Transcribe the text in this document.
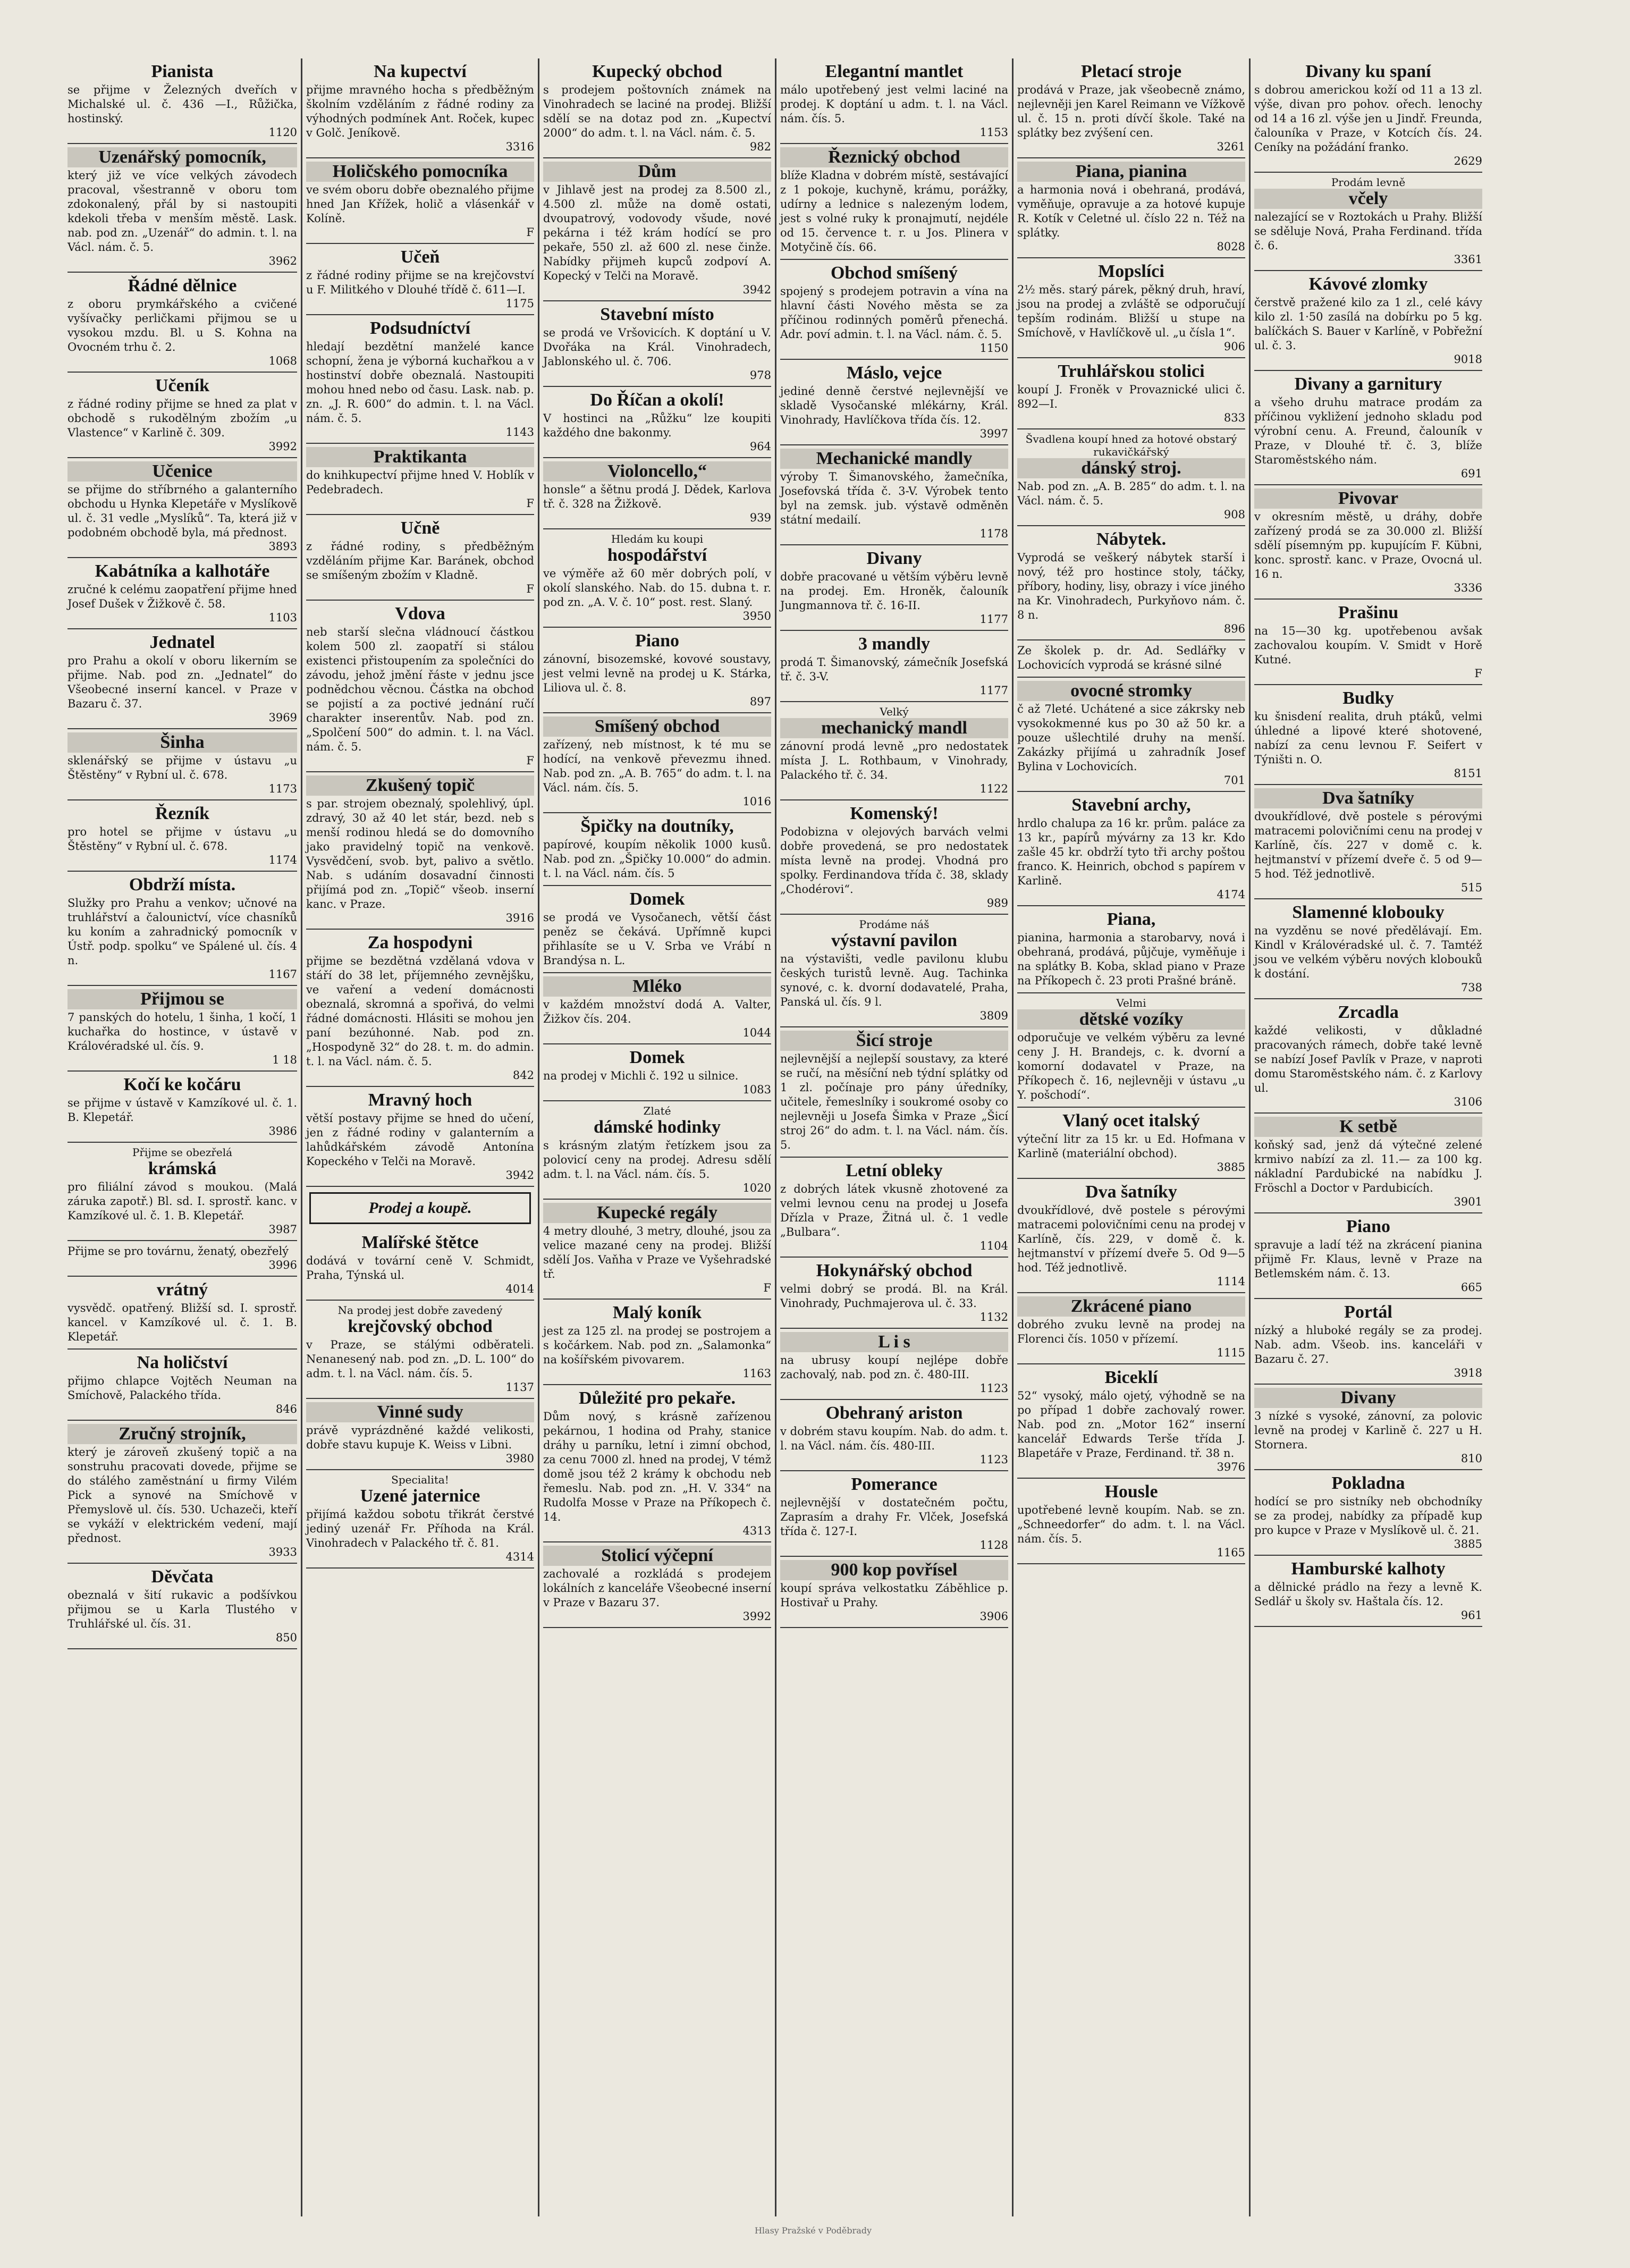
Pianista

se přijme v Železných dveřích v Michalské ul. č. 436 —I., Růžička, hostinský.

1120
Uzenářský pomocník,

který již ve více velkých závodech pracoval, všestranně v oboru tom zdokonalený, přál by si nastoupiti kdekoli třeba v menším městě. Lask. nab. pod zn. „Uzenář“ do admin. t. l. na Václ. nám. č. 5.

3962
Řádné dělnice

z oboru prymkářského a cvičené vyšívačky perličkami přijmou se u vysokou mzdu. Bl. u S. Kohna na Ovocném trhu č. 2.

1068
Učeník

z řádné rodiny přijme se hned za plat v obchodě s rukodělným zbožím „u Vlastence“ v Karlině č. 309.

3992
Učenice

se přijme do stříbrného a galanterního obchodu u Hynka Klepetáře v Myslíkově ul. č. 31 vedle „Myslíků“. Ta, která již v podobném obchodě byla, má přednost.

3893
Kabátníka a kalhotáře

zručné k celému zaopatření přijme hned Josef Dušek v Žižkově č. 58.

1103
Jednatel

pro Prahu a okolí v oboru likerním se přijme. Nab. pod zn. „Jednatel“ do Všeobecné inserní kancel. v Praze v Bazaru č. 37.

3969
Šinha

sklenářský se přijme v ústavu „u Štěstěny“ v Rybní ul. č. 678.

1173
Řezník

pro hotel se přijme v ústavu „u Štěstěny“ v Rybní ul. č. 678.

1174
Obdrží místa.

Služky pro Prahu a venkov; učnové na truhlářství a čalounictví, více chasníků ku koním a zahradnický pomocník v Ústř. podp. spolku“ ve Spálené ul. čís. 4 n.

1167
Přijmou se

7 panských do hotelu, 1 šinha, 1 kočí, 1 kuchařka do hostince, v ústavě v Královéradské ul. čís. 9.

1 18
Kočí ke kočáru

se přijme v ústavě v Kamzíkové ul. č. 1. B. Klepetář.

3986
Přijme se obezřelá
krámská

pro filiální závod s moukou. (Malá záruka zapotř.) Bl. sd. I. sprostř. kanc. v Kamzíkové ul. č. 1. B. Klepetář.

3987

Přijme se pro továrnu, ženatý, obezřelý

3996
vrátný

vysvědč. opatřený. Bližší sd. I. sprostř. kancel. v Kamzíkové ul. č. 1. B. Klepetář.

Na holičství

přijmo chlapce Vojtěch Neuman na Smíchově, Palackého třída.

846
Zručný strojník,

který je zároveň zkušený topič a na sonstruhu pracovati dovede, přijme se do stálého zaměstnání u firmy Vilém Pick a synové na Smíchově v Přemyslově ul. čís. 530. Uchazeči, kteří se vykáží v elektrickém vedení, mají přednost.

3933
Děvčata

obeznalá v šití rukavic a podšívkou přijmou se u Karla Tlustého v Truhlářské ul. čís. 31.

850
Na kupectví

přijme mravného hocha s předběžným školním vzděláním z řádné rodiny za výhodných podmínek Ant. Roček, kupec v Golč. Jeníkově.

3316
Holičského pomocníka

ve svém oboru dobře obeznalého přijme hned Jan Křížek, holič a vlásenkář v Kolíně.

F
Učeň

z řádné rodiny přijme se na krejčovství u F. Militkého v Dlouhé třídě č. 611—I.

1175
Podsudníctví

hledají bezdětní manželé kance schopní, žena je výborná kuchařkou a v hostinství dobře obeznalá. Nastoupiti mohou hned nebo od času. Lask. nab. p. zn. „J. R. 600“ do admin. t. l. na Václ. nám. č. 5.

1143
Praktikanta

do knihkupectví přijme hned V. Hoblík v Pedebradech.

F
Učně

z řádné rodiny, s předběžným vzděláním přijme Kar. Baránek, obchod se smíšeným zbožím v Kladně.

F
Vdova

neb starší slečna vládnoucí částkou kolem 500 zl. zaopatří si stálou existenci přistoupením za společníci do závodu, jehož jmění řáste v jednu jsce podnědchou věcnou. Částka na obchod se pojistí a za poctivé jednání ručí charakter inserentův. Nab. pod zn. „Spolčení 500“ do admin. t. l. na Václ. nám. č. 5.

F
Zkušený topič

s par. strojem obeznalý, spolehlivý, úpl. zdravý, 30 až 40 let stár, bezd. neb s menší rodinou hledá se do domovního jako pravidelný topič na venkově. Vysvědčení, svob. byt, palivo a světlo. Nab. s udáním dosavadní činnosti přijímá pod zn. „Topič“ všeob. inserní kanc. v Praze.

3916
Za hospodyni

přijme se bezdětná vzdělaná vdova v stáří do 38 let, příjemného zevnějšku, ve vaření a vedení domácnosti obeznalá, skromná a spořivá, do velmi řádné domácnosti. Hlásiti se mohou jen paní bezúhonné. Nab. pod zn. „Hospodyně 32“ do 28. t. m. do admin. t. l. na Václ. nám. č. 5.

842
Mravný hoch

větší postavy přijme se hned do učení, jen z řádné rodiny v galanterním a lahůdkářském závodě Antonína Kopeckého v Telči na Moravě.

3942
Prodej a koupě.
Malířské štětce

dodává v tovární ceně V. Schmidt, Praha, Týnská ul.

4014
Na prodej jest dobře zavedený
krejčovský obchod

v Praze, se stálými odběrateli. Nenanesený nab. pod zn. „D. L. 100“ do adm. t. l. na Václ. nám. čís. 5.

1137
Vinné sudy

právě vyprázdněné každé velikosti, dobře stavu kupuje K. Weiss v Libni.

3980
Specialita!
Uzené jaternice

přijímá každou sobotu třikrát čerstvé jediný uzenář Fr. Příhoda na Král. Vinohradech v Palackého tř. č. 81.

4314
Kupecký obchod

s prodejem poštovních známek na Vinohradech se laciné na prodej. Bližší sdělí se na dotaz pod zn. „Kupectví 2000“ do adm. t. l. na Václ. nám. č. 5.

982
Dům

v Jihlavě jest na prodej za 8.500 zl., 4.500 zl. může na domě ostati, dvoupatrový, vodovody všude, nové pekárna i též krám hodící se pro pekaře, 550 zl. až 600 zl. nese činže. Nabídky přijmeh kupců zodpoví A. Kopecký v Telči na Moravě.

3942
Stavební místo

se prodá ve Vršovicích. K doptání u V. Dvořáka na Král. Vinohradech, Jablonského ul. č. 706.

978
Do Říčan a okolí!

V hostinci na „Růžku“ lze koupiti každého dne bakonmy.

964
Violoncello,“

honsle“ a šětnu prodá J. Dědek, Karlova tř. č. 328 na Žižkově.

939
Hledám ku koupi
hospodářství

ve výměře až 60 měr dobrých polí, v okolí slanského. Nab. do 15. dubna t. r. pod zn. „A. V. č. 10“ post. rest. Slaný.

3950
Piano

zánovní, bisozemské, kovové soustavy, jest velmi levně na prodej u K. Stárka, Liliova ul. č. 8.

897
Smíšený obchod

zařízený, neb místnost, k té mu se hodící, na venkově převezmu ihned. Nab. pod zn. „A. B. 765“ do adm. t. l. na Václ. nám. čís. 5.

1016
Špičky na doutníky,

papírové, koupím několik 1000 kusů. Nab. pod zn. „Špičky 10.000“ do admin. t. l. na Václ. nám. čís. 5

Domek

se prodá ve Vysočanech, větší část peněz se čekává. Upřímně kupci přihlasíte se u V. Srba ve Vrábí n Brandýsa n. L.

Mléko

v každém množství dodá A. Valter, Žižkov čís. 204.

1044
Domek

na prodej v Michli č. 192 u silnice.

1083
Zlaté
dámské hodinky

s krásným zlatým řetízkem jsou za polovicí ceny na prodej. Adresu sdělí adm. t. l. na Václ. nám. čís. 5.

1020
Kupecké regály

4 metry dlouhé, 3 metry, dlouhé, jsou za velice mazané ceny na prodej. Bližší sdělí Jos. Vaňha v Praze ve Vyšehradské tř.

F
Malý koník

jest za 125 zl. na prodej se postrojem a s kočárkem. Nab. pod zn. „Salamonka“ na košířském pivovarem.

1163
Důležité pro pekaře.

Dům nový, s krásně zařízenou pekárnou, 1 hodina od Prahy, stanice dráhy u parníku, letní i zimní obchod, za cenu 7000 zl. hned na prodej, V témž domě jsou též 2 krámy k obchodu neb řemeslu. Nab. pod zn. „H. V. 334“ na Rudolfa Mosse v Praze na Příkopech č. 14.

4313
Stolicí výčepní

zachovalé a rozkládá s prodejem lokálních z kanceláře Všeobecné inserní v Praze v Bazaru 37.

3992
Elegantní mantlet

málo upotřebený jest velmi laciné na prodej. K doptání u adm. t. l. na Václ. nám. čís. 5.

1153
Řeznický obchod

blíže Kladna v dobrém místě, sestávající z 1 pokoje, kuchyně, krámu, porážky, udírny a lednice s nalezeným lodem, jest s volné ruky k pronajmutí, nejdéle od 15. července t. r. u Jos. Plinera v Motyčině čís. 66.

Obchod smíšený

spojený s prodejem potravin a vína na hlavní části Nového města se za příčinou rodinných poměrů přenechá. Adr. poví admin. t. l. na Václ. nám. č. 5.

1150
Máslo, vejce

jediné denně čerstvé nejlevnější ve skladě Vysočanské mlékárny, Král. Vinohrady, Havlíčkova třída čís. 12.

3997
Mechanické mandly

výroby T. Šimanovského, žamečníka, Josefovská třída č. 3-V. Výrobek tento byl na zemsk. jub. výstavě odměněn státní medailí.

1178
Divany

dobře pracované u větším výběru levně na prodej. Em. Hroněk, čalouník Jungmannova tř. č. 16-II.

1177
3 mandly

prodá T. Šimanovský, zámečník Josefská tř. č. 3-V.

1177
Velký
mechanický mandl

zánovní prodá levně „pro nedostatek místa J. L. Rothbaum, v Vinohrady, Palackého tř. č. 34.

1122
Komenský!

Podobizna v olejových barvách velmi dobře provedená, se pro nedostatek místa levně na prodej. Vhodná pro spolky. Ferdinandova třída č. 38, sklady „Chodérovi“.

989
Prodáme náš
výstavní pavilon

na výstavišti, vedle pavilonu klubu českých turistů levně. Aug. Tachinka synové, c. k. dvorní dodavatelé, Praha, Panská ul. čís. 9 l.

3809
Šicí stroje

nejlevnější a nejlepší soustavy, za které se ručí, na měsíční neb týdní splátky od 1 zl. počínaje pro pány úředníky, učitele, řemeslníky i soukromé osoby co nejlevněji u Josefa Šimka v Praze „Šicí stroj 26“ do adm. t. l. na Václ. nám. čís. 5.

Letní obleky

z dobrých látek vkusně zhotovené za velmi levnou cenu na prodej u Josefa Dřízla v Praze, Žitná ul. č. 1 vedle „Bulbara“.

1104
Hokynářský obchod

velmi dobrý se prodá. Bl. na Král. Vinohrady, Puchmajerova ul. č. 33.

1132
L i s

na ubrusy koupí nejlépe dobře zachovalý, nab. pod zn. č. 480-III.

1123
Obehraný ariston

v dobrém stavu koupím. Nab. do adm. t. l. na Václ. nám. čís. 480-III.

1123
Pomerance

nejlevnější v dostatečném počtu, Zaprasím a drahy Fr. Vlček, Josefská třída č. 127-I.

1128
900 kop povřísel

koupí správa velkostatku Záběhlice p. Hostivař u Prahy.

3906
Pletací stroje

prodává v Praze, jak všeobecně známo, nejlevněji jen Karel Reimann ve Vížkově ul. č. 15 n. proti dívčí škole. Také na splátky bez zvýšení cen.

3261
Piana, pianina

a harmonia nová i obehraná, prodává, vyměňuje, opravuje a za hotové kupuje R. Kotík v Celetné ul. číslo 22 n. Též na splátky.

8028
Mopslíci

2½ měs. starý párek, pěkný druh, hraví, jsou na prodej a zvláště se odporučují tepším rodinám. Bližší u stupe na Smíchově, v Havlíčkově ul. „u čísla 1“.

906
Truhlářskou stolici

koupí J. Froněk v Provaznické ulici č. 892—I.

833
Švadlena koupí hned za hotové obstarý rukavičkářský
dánský stroj.

Nab. pod zn. „A. B. 285“ do adm. t. l. na Václ. nám. č. 5.

908
Nábytek.

Vyprodá se veškerý nábytek starší i nový, též pro hostince stoly, táčky, příbory, hodiny, lisy, obrazy i více jiného na Kr. Vinohradech, Purkyňovo nám. č. 8 n.

896

Ze školek p. dr. Ad. Sedlářky v Lochovicích vyprodá se krásné silné

ovocné stromky

č až 7leté. Uchátené a sice zákrsky neb vysokokmenné kus po 30 až 50 kr. a pouze ušlechtilé druhy na menší. Zakázky přijímá u zahradník Josef Bylina v Lochovicích.

701
Stavební archy,

hrdlo chalupa za 16 kr. prům. paláce za 13 kr., papírů mývárny za 13 kr. Kdo zašle 45 kr. obdrží tyto tři archy poštou franco. K. Heinrich, obchod s papírem v Karlině.

4174
Piana,

pianina, harmonia a starobarvy, nová i obehraná, prodává, půjčuje, vyměňuje i na splátky B. Koba, sklad piano v Praze na Příkopech č. 23 proti Prašné bráně.

Velmi
dětské vozíky

odporučuje ve velkém výběru za levné ceny J. H. Brandejs, c. k. dvorní a komorní dodavatel v Praze, na Příkopech č. 16, nejlevněji v ústavu „u Y. pošchodí“.

Vlaný ocet italský

výteční litr za 15 kr. u Ed. Hofmana v Karlině (materiální obchod).

3885
Dva šatníky

dvoukřídlové, dvě postele s pérovými matracemi polovičními cenu na prodej v Karlíně, čís. 229, v domě č. k. hejtmanství v přízemí dveře 5. Od 9—5 hod. Též jednotlivě.

1114
Zkrácené piano

dobrého zvuku levně na prodej na Florenci čís. 1050 v přízemí.

1115
Biceklí

52“ vysoký, málo ojetý, výhodně se na po případ 1 dobře zachovalý rower. Nab. pod zn. „Motor 162“ inserní kancelář Edwards Terše třída J. Blapetáře v Praze, Ferdinand. tř. 38 n.

3976
Housle

upotřebené levně koupím. Nab. se zn. „Schneedorfer“ do adm. t. l. na Václ. nám. čís. 5.

1165
Divany ku spaní

s dobrou americkou koží od 11 a 13 zl. výše, divan pro pohov. ořech. lenochy od 14 a 16 zl. výše jen u Jindř. Freunda, čalouníka v Praze, v Kotcích čís. 24. Ceníky na požádání franko.

2629
Prodám levně
včely

nalezající se v Roztokách u Prahy. Bližší se sděluje Nová, Praha Ferdinand. třída č. 6.

3361
Kávové zlomky

čerstvě pražené kilo za 1 zl., celé kávy kilo zl. 1·50 zasílá na dobírku po 5 kg. balíčkách S. Bauer v Karlíně, v Pobřežní ul. č. 3.

9018
Divany a garnitury

a všeho druhu matrace prodám za příčinou vykližení jednoho skladu pod výrobní cenu. A. Freund, čalouník v Praze, v Dlouhé tř. č. 3, blíže Staroměstského nám.

691
Pivovar

v okresním městě, u dráhy, dobře zařízený prodá se za 30.000 zl. Bližší sdělí písemným pp. kupujícím F. Kübni, konc. sprostř. kanc. v Praze, Ovocná ul. 16 n.

3336
Prašinu

na 15—30 kg. upotřebenou avšak zachovalou koupím. V. Smidt v Horě Kutné.

F
Budky

ku šnisdení realita, druh ptáků, velmi úhledné a lipové které shotovené, nabízí za cenu levnou F. Seifert v Týništi n. O.

8151
Dva šatníky

dvoukřídlové, dvě postele s pérovými matracemi polovičními cenu na prodej v Karlíně, čís. 227 v domě c. k. hejtmanství v přízemí dveře č. 5 od 9—5 hod. Též jednotlivě.

515
Slamenné klobouky

na vyzděnu se nové předělávají. Em. Kindl v Královéradské ul. č. 7. Tamtéž jsou ve velkém výběru nových klobouků k dostání.

738
Zrcadla

každé velikosti, v důkladné pracovaných rámech, dobře také levně se nabízí Josef Pavlík v Praze, v naproti domu Staroměstského nám. č. z Karlovy ul.

3106
K setbě

koňský sad, jenž dá výtečné zelené krmivo nabízí za zl. 11.— za 100 kg. nákladní Pardubické na nabídku J. Fröschl a Doctor v Pardubicích.

3901
Piano

spravuje a ladí též na zkrácení pianina přijmě Fr. Klaus, levně v Praze na Betlemském nám. č. 13.

665
Portál

nízký a hluboké regály se za prodej. Nab. adm. Všeob. ins. kanceláři v Bazaru č. 27.

3918
Divany

3 nízké s vysoké, zánovní, za polovic levně na prodej v Karlině č. 227 u H. Stornera.

810
Pokladna

hodící se pro sistníky neb obchodníky se za prodej, nabídky za případě kup pro kupce v Praze v Myslíkově ul. č. 21.

3885
Hamburské kalhoty

a dělnické prádlo na řezy a levně K. Sedlář u školy sv. Haštala čís. 12.

961
Hlasy Pražské v Poděbrady
